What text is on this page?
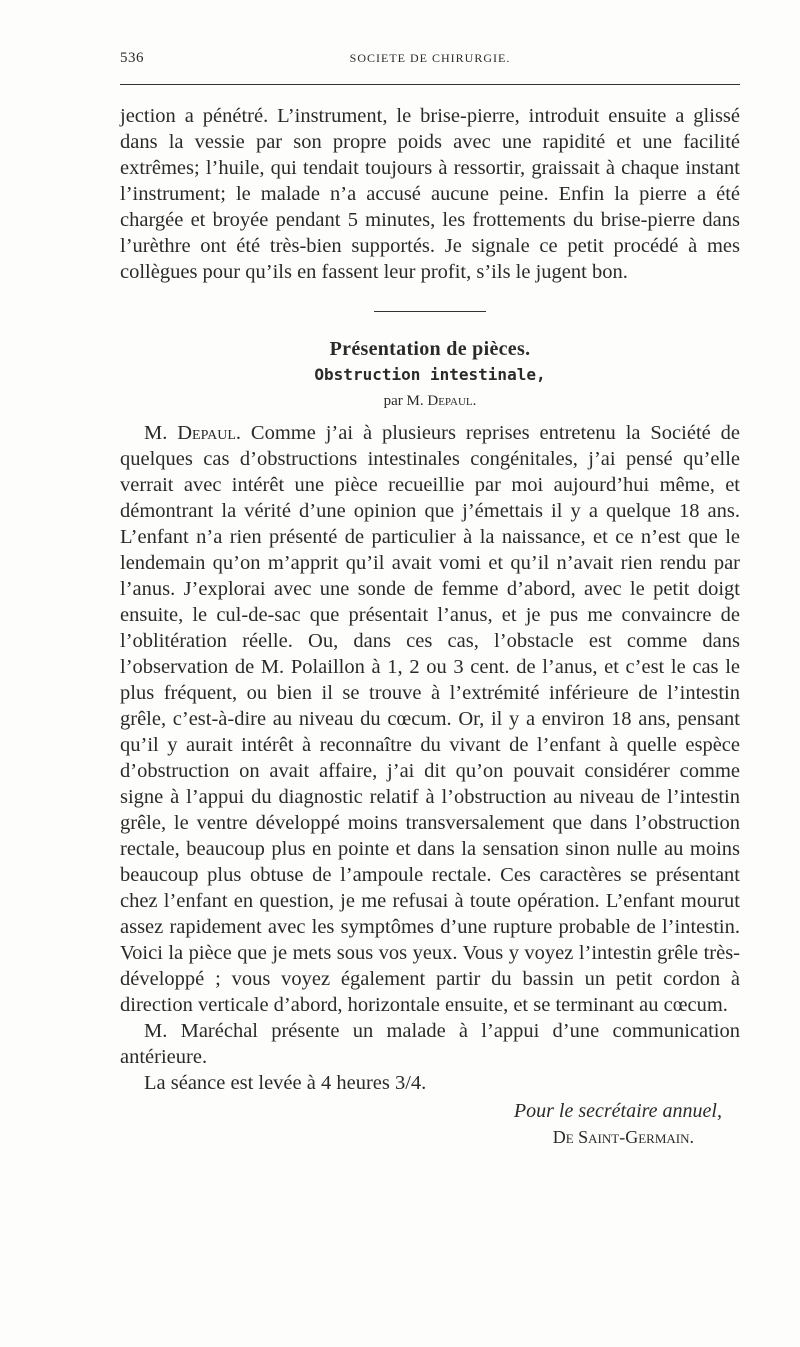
536	SOCIETE DE CHIRURGIE.

jection a pénétré. L’instrument, le brise-pierre, introduit ensuite a glissé dans la vessie par son propre poids avec une rapidité et une facilité extrêmes; l’huile, qui tendait toujours à ressortir, graissait à chaque instant l’instrument; le malade n’a accusé aucune peine. Enfin la pierre a été chargée et broyée pendant 5 minutes, les frottements du brise-pierre dans l’urèthre ont été très-bien supportés. Je signale ce petit procédé à mes collègues pour qu’ils en fassent leur profit, s’ils le jugent bon.

Présentation de pièces.

Obstruction intestinale,

par M. Depaul.

M. Depaul. Comme j’ai à plusieurs reprises entretenu la Société de quelques cas d’obstructions intestinales congénitales, j’ai pensé qu’elle verrait avec intérêt une pièce recueillie par moi aujourd’hui même, et démontrant la vérité d’une opinion que j’émettais il y a quelque 18 ans. L’enfant n’a rien présenté de particulier à la naissance, et ce n’est que le lendemain qu’on m’apprit qu’il avait vomi et qu’il n’avait rien rendu par l’anus. J’explorai avec une sonde de femme d’abord, avec le petit doigt ensuite, le cul-de-sac que présentait l’anus, et je pus me convaincre de l’oblitération réelle. Ou, dans ces cas, l’obstacle est comme dans l’observation de M. Polaillon à 1, 2 ou 3 cent. de l’anus, et c’est le cas le plus fréquent, ou bien il se trouve à l’extrémité inférieure de l’intestin grêle, c’est-à-dire au niveau du cœcum. Or, il y a environ 18 ans, pensant qu’il y aurait intérêt à reconnaître du vivant de l’enfant à quelle espèce d’obstruction on avait affaire, j’ai dit qu’on pouvait considérer comme signe à l’appui du diagnostic relatif à l’obstruction au niveau de l’intestin grêle, le ventre développé moins transversalement que dans l’obstruction rectale, beaucoup plus en pointe et dans la sensation sinon nulle au moins beaucoup plus obtuse de l’ampoule rectale. Ces caractères se présentant chez l’enfant en question, je me refusai à toute opération. L’enfant mourut assez rapidement avec les symptômes d’une rupture probable de l’intestin. Voici la pièce que je mets sous vos yeux. Vous y voyez l’intestin grêle très-développé ; vous voyez également partir du bassin un petit cordon à direction verticale d’abord, horizontale ensuite, et se terminant au cœcum.

M. Maréchal présente un malade à l’appui d’une communication antérieure.

La séance est levée à 4 heures 3/4.

Pour le secrétaire annuel,
De Saint-Germain.
